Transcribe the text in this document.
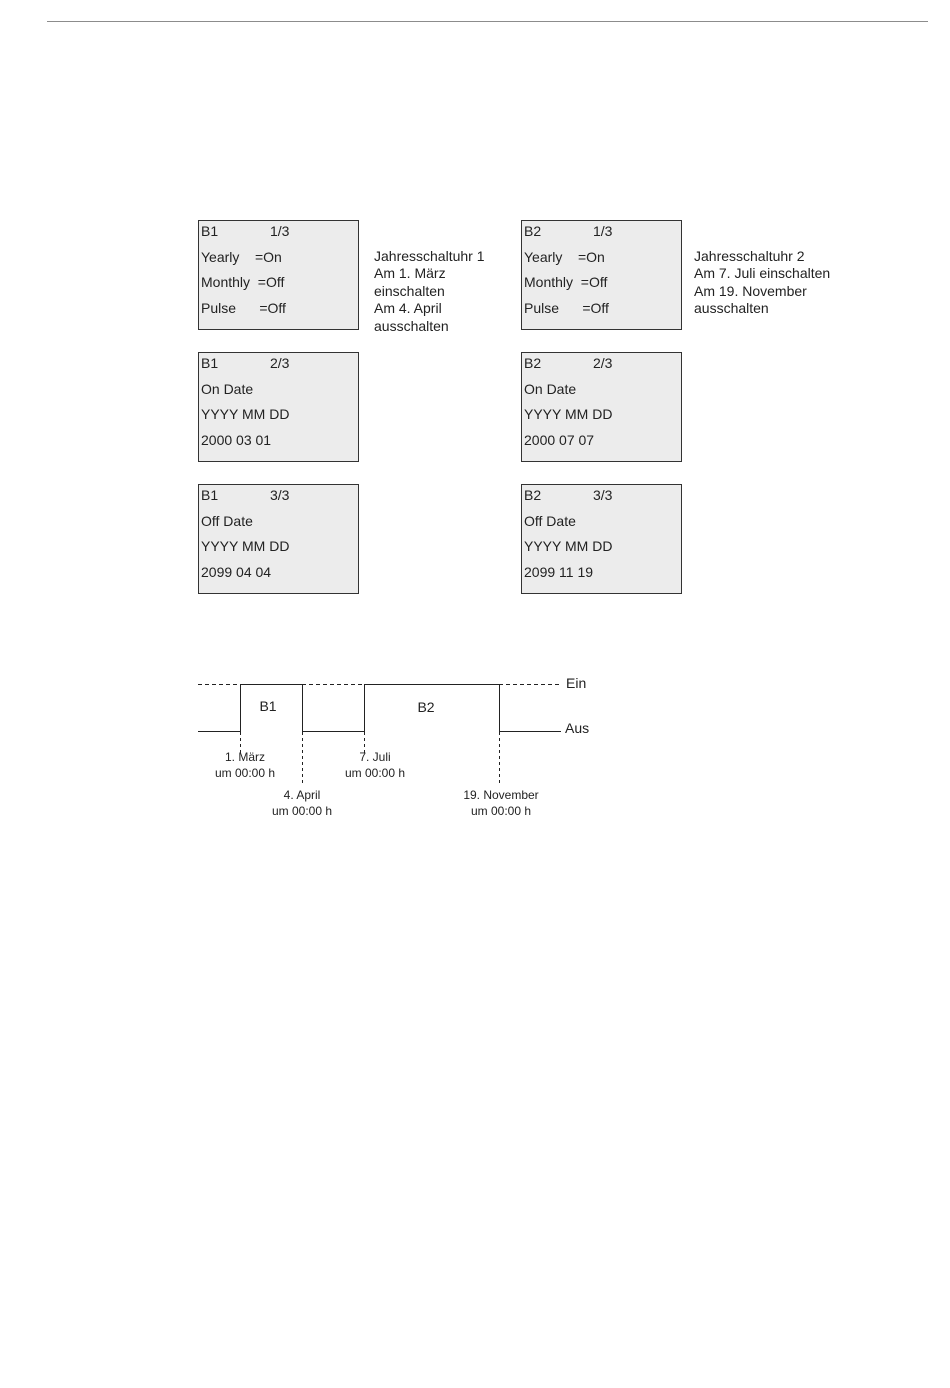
B1	1/3
Yearly    =On
Monthly  =Off
Pulse      =Off
B1	2/3
On Date
YYYY MM DD
2000 03 01
B1	3/3
Off Date
YYYY MM DD
2099 04 04
B2	1/3
Yearly    =On
Monthly  =Off
Pulse      =Off
B2	2/3
On Date
YYYY MM DD
2000 07 07
B2	3/3
Off Date
YYYY MM DD
2099 11 19
Jahresschaltuhr 1
Am 1. März
einschalten
Am 4. April
ausschalten
Jahresschaltuhr 2
Am 7. Juli einschalten
Am 19. November
ausschalten
B1	B2
Ein
Aus
1. März
um 00:00 h
4. April
um 00:00 h
7. Juli
um 00:00 h
19. November
um 00:00 h
